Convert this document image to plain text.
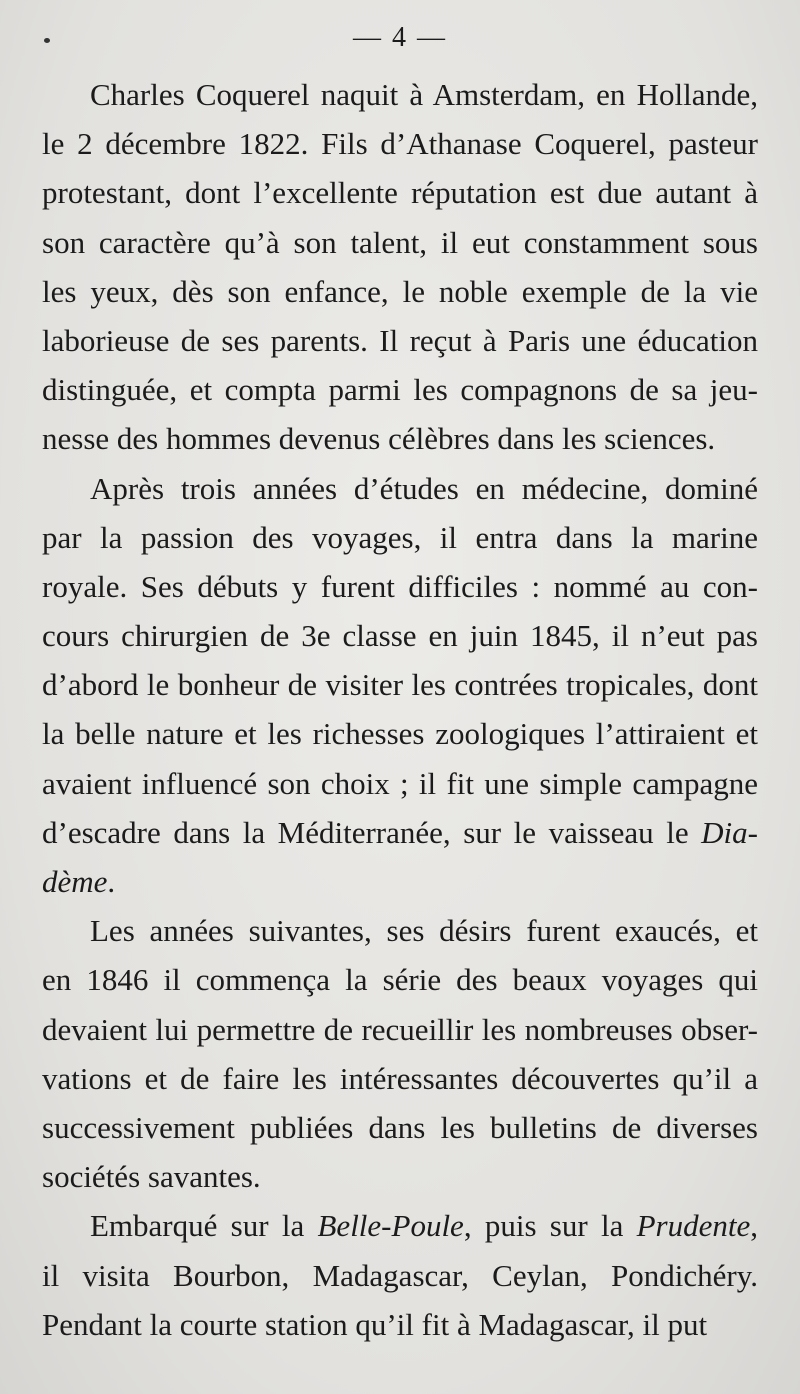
— 4 —
Charles Coquerel naquit à Amsterdam, en Hollande,
le 2 décembre 1822. Fils d’Athanase Coquerel, pasteur
protestant, dont l’excellente réputation est due autant à
son caractère qu’à son talent, il eut constamment sous
les yeux, dès son enfance, le noble exemple de la vie
laborieuse de ses parents. Il reçut à Paris une éducation
distinguée, et compta parmi les compagnons de sa jeu-
nesse des hommes devenus célèbres dans les sciences.
Après trois années d’études en médecine, dominé
par la passion des voyages, il entra dans la marine
royale. Ses débuts y furent difficiles : nommé au con-
cours chirurgien de 3e classe en juin 1845, il n’eut pas
d’abord le bonheur de visiter les contrées tropicales, dont
la belle nature et les richesses zoologiques l’attiraient et
avaient influencé son choix ; il fit une simple campagne
d’escadre dans la Méditerranée, sur le vaisseau le Dia-
dème.
Les années suivantes, ses désirs furent exaucés, et
en 1846 il commença la série des beaux voyages qui
devaient lui permettre de recueillir les nombreuses obser-
vations et de faire les intéressantes découvertes qu’il a
successivement publiées dans les bulletins de diverses
sociétés savantes.
Embarqué sur la Belle-Poule, puis sur la Prudente,
il visita Bourbon, Madagascar, Ceylan, Pondichéry.
Pendant la courte station qu’il fit à Madagascar, il put
